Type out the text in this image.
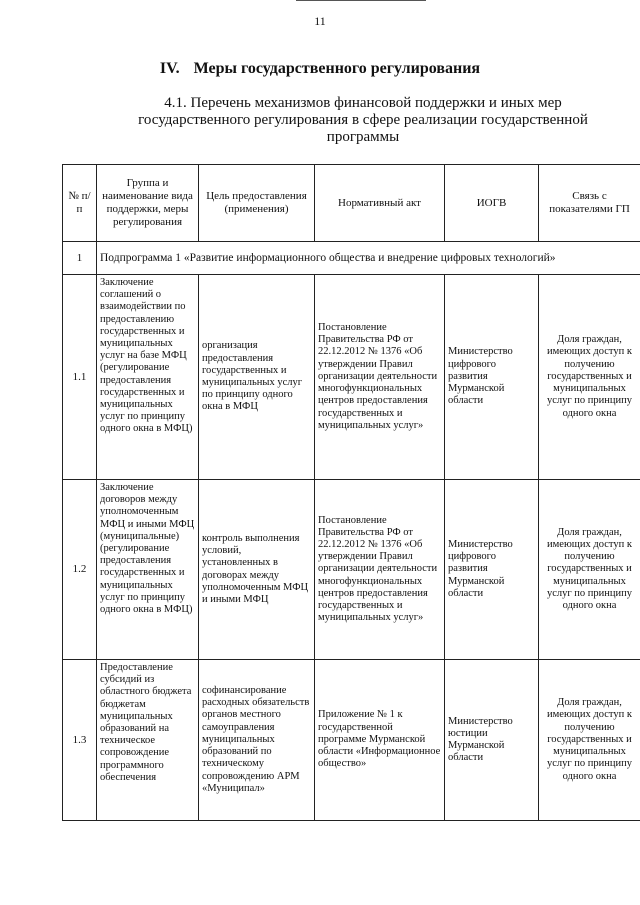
11
IV. Меры государственного регулирования
4.1. Перечень механизмов финансовой поддержки и иных мер государственного регулирования в сфере реализации государственной программы
№ п/п	Группа и наименование вида поддержки, меры регулирования	Цель предоставления (применения)	Нормативный акт	ИОГВ	Связь с показателями ГП
1	Подпрограмма 1 «Развитие информационного общества и внедрение цифровых технологий»				
1.1	Заключение соглашений о взаимодействии по предоставлению государственных и муниципальных услуг на базе МФЦ (регулирование предоставления государственных и муниципальных услуг по принципу одного окна в МФЦ)	организация предоставления государственных и муниципальных услуг по принципу одного окна в МФЦ	Постановление Правительства РФ от 22.12.2012 № 1376 «Об утверждении Правил организации деятельности многофункциональных центров предоставления государственных и муниципальных услуг»	Министерство цифрового развития Мурманской области	Доля граждан, имеющих доступ к получению государственных и муниципальных услуг по принципу одного окна
1.2	Заключение договоров между уполномоченным МФЦ и иными МФЦ (муниципальные) (регулирование предоставления государственных и муниципальных услуг по принципу одного окна в МФЦ)	контроль выполнения условий, установленных в договорах между уполномоченным МФЦ и иными МФЦ	Постановление Правительства РФ от 22.12.2012 № 1376 «Об утверждении Правил организации деятельности многофункциональных центров предоставления государственных и муниципальных услуг»	Министерство цифрового развития Мурманской области	Доля граждан, имеющих доступ к получению государственных и муниципальных услуг по принципу одного окна
1.3	Предоставление субсидий из областного бюджета бюджетам муниципальных образований на техническое сопровождение программного обеспечения	софинансирование расходных обязательств органов местного самоуправления муниципальных образований по техническому сопровождению АРМ «Муниципал»	Приложение № 1 к государственной программе Мурманской области «Информационное общество»	Министерство юстиции Мурманской области	Доля граждан, имеющих доступ к получению государственных и муниципальных услуг по принципу одного окна
